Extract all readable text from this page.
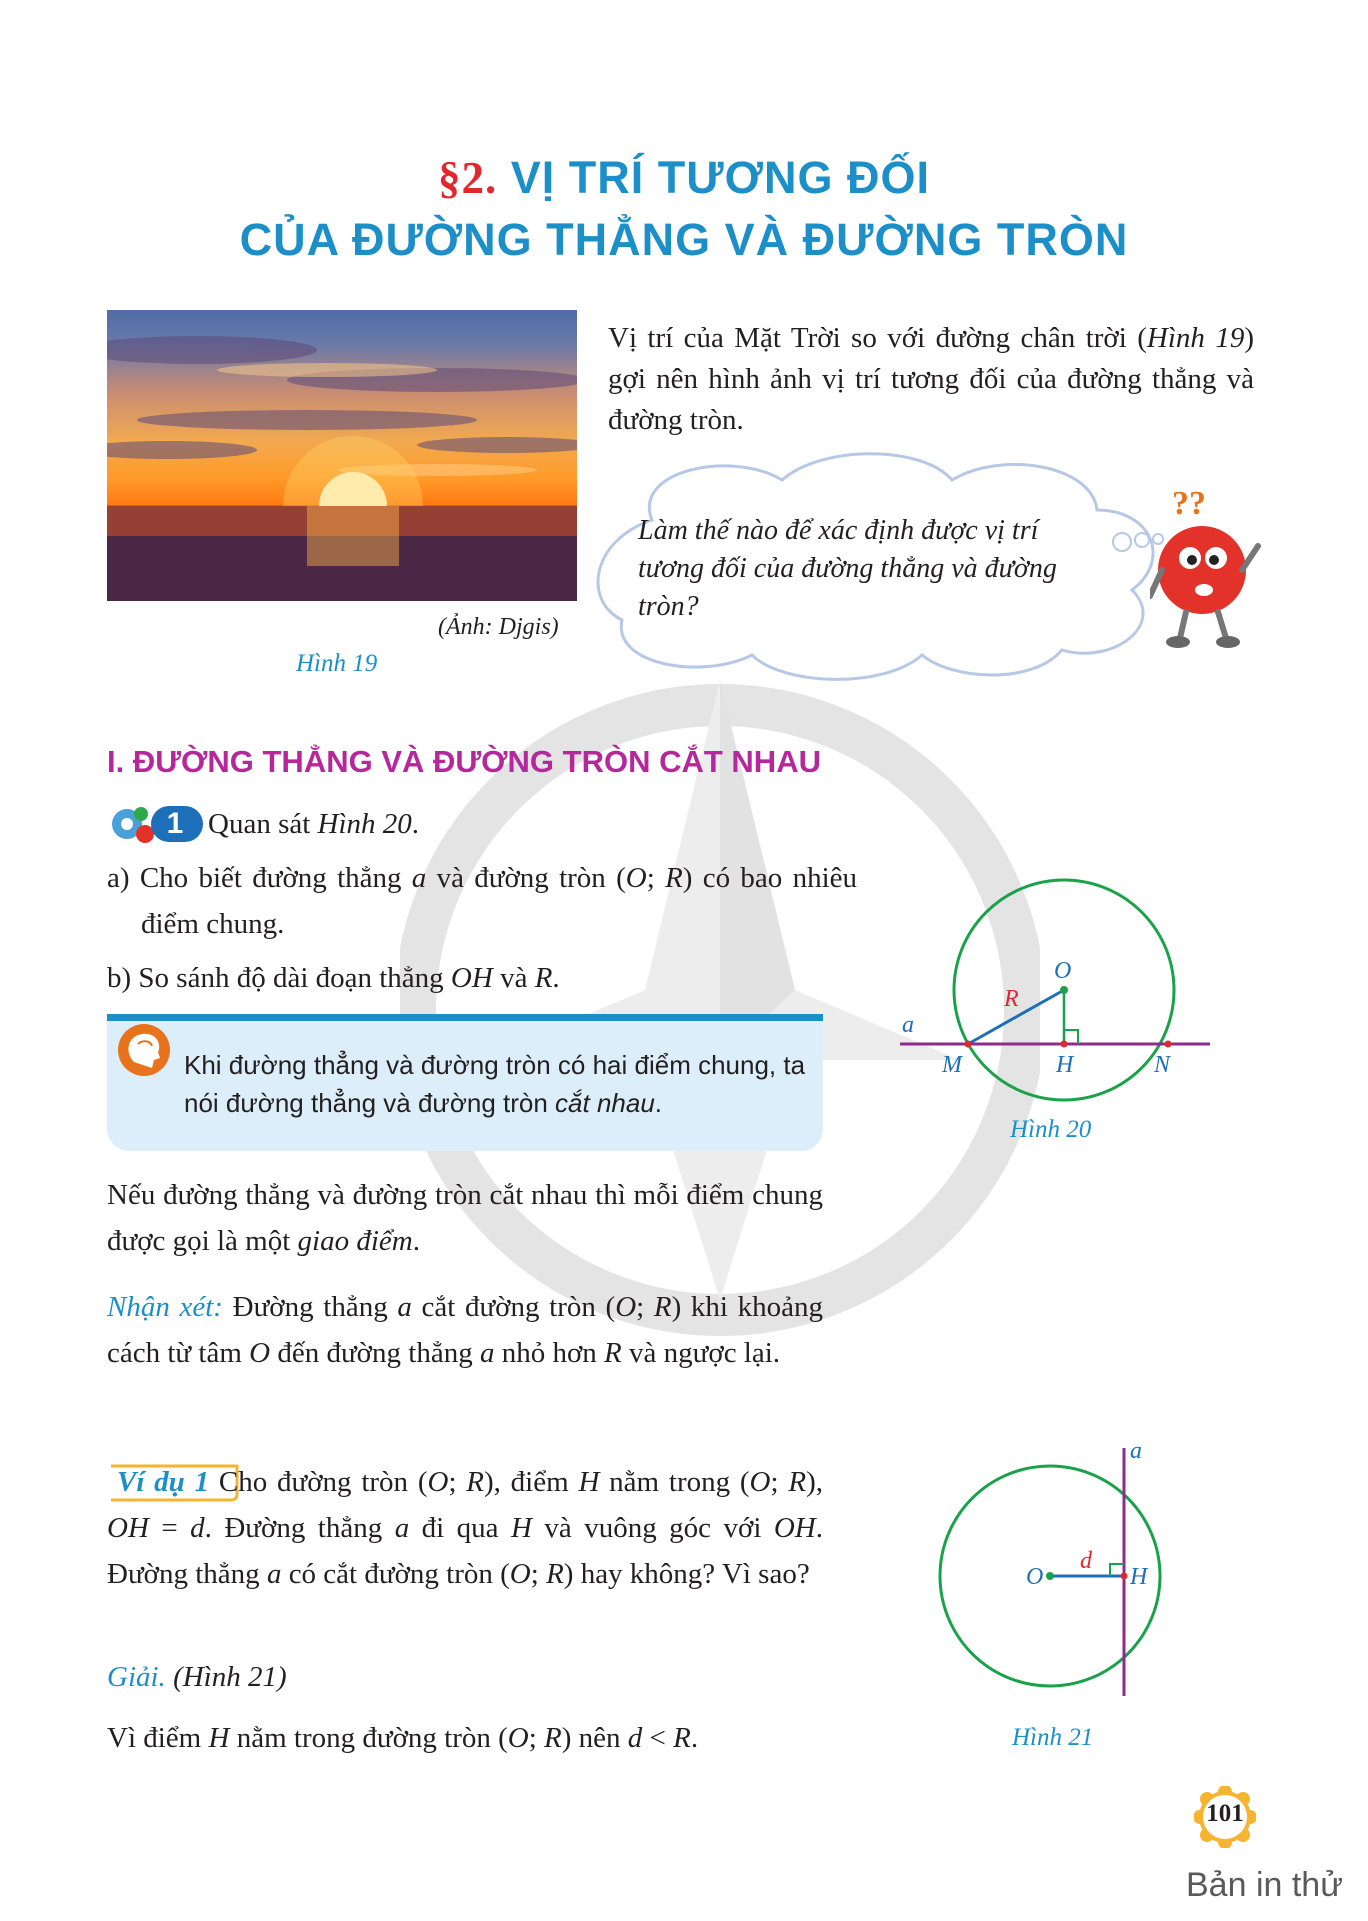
§2. VỊ TRÍ TƯƠNG ĐỐI
CỦA ĐƯỜNG THẲNG VÀ ĐƯỜNG TRÒN
(Ảnh: Djgis)
Hình 19
Vị trí của Mặt Trời so với đường chân trời (Hình 19) gợi nên hình ảnh vị trí tương đối của đường thẳng và đường tròn.
Làm thế nào để xác định được vị trí tương đối của đường thẳng và đường tròn?
??
I. ĐƯỜNG THẲNG VÀ ĐƯỜNG TRÒN CẮT NHAU
1 Quan sát Hình 20.
a) Cho biết đường thẳng a và đường tròn (O; R) có bao nhiêu điểm chung.
b) So sánh độ dài đoạn thẳng OH và R.
Khi đường thẳng và đường tròn có hai điểm chung, ta nói đường thẳng và đường tròn cắt nhau.
Nếu đường thẳng và đường tròn cắt nhau thì mỗi điểm chung được gọi là một giao điểm.
Nhận xét: Đường thẳng a cắt đường tròn (O; R) khi khoảng cách từ tâm O đến đường thẳng a nhỏ hơn R và ngược lại.
Ví dụ 1 Cho đường tròn (O; R), điểm H nằm trong (O; R), OH = d. Đường thẳng a đi qua H và vuông góc với OH. Đường thẳng a có cắt đường tròn (O; R) hay không? Vì sao?
Giải. (Hình 21)
Vì điểm H nằm trong đường tròn (O; R) nên d < R.
O
R
a
M	H	N
Hình 20
O
d
H
a
Hình 21
101
Bản in thử
